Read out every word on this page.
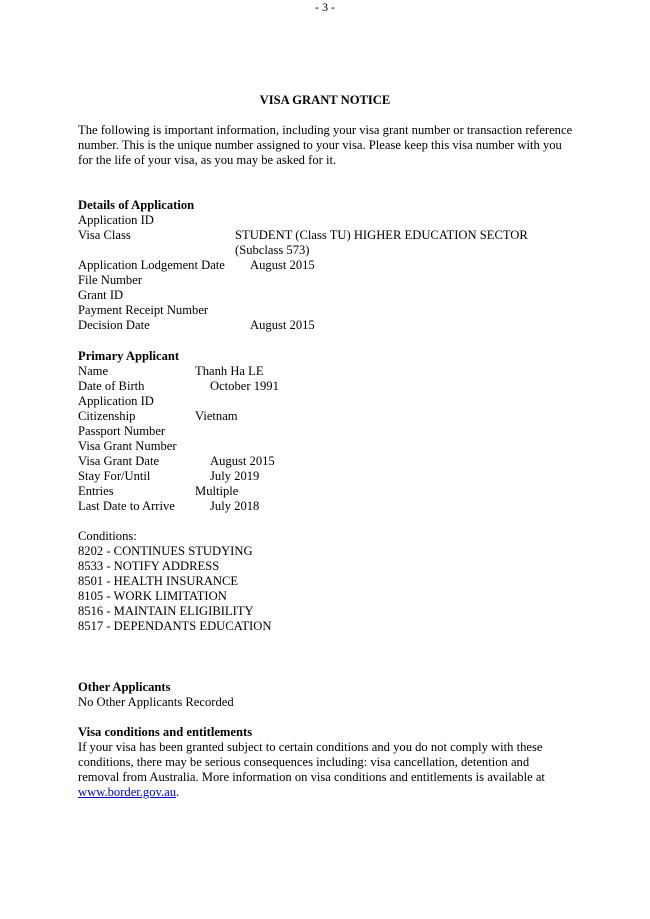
- 3 -
VISA GRANT NOTICE
The following is important information, including your visa grant number or transaction reference number. This is the unique number assigned to your visa. Please keep this visa number with you for the life of your visa, as you may be asked for it.
Details of Application
Application ID
Visa Class	STUDENT (Class TU) HIGHER EDUCATION SECTOR
(Subclass 573)
Application Lodgement Date August 2015
File Number
Grant ID
Payment Receipt Number
Decision Date	August 2015
Primary Applicant
Name	Thanh Ha LE
Date of Birth	October 1991
Application ID
Citizenship	Vietnam
Passport Number
Visa Grant Number
Visa Grant Date	August 2015
Stay For/Until	July 2019
Entries	Multiple
Last Date to Arrive	July 2018
Conditions:
8202 - CONTINUES STUDYING
8533 - NOTIFY ADDRESS
8501 - HEALTH INSURANCE
8105 - WORK LIMITATION
8516 - MAINTAIN ELIGIBILITY
8517 - DEPENDANTS EDUCATION
Other Applicants
No Other Applicants Recorded
Visa conditions and entitlements
If your visa has been granted subject to certain conditions and you do not comply with these conditions, there may be serious consequences including: visa cancellation, detention and removal from Australia. More information on visa conditions and entitlements is available at www.border.gov.au.
